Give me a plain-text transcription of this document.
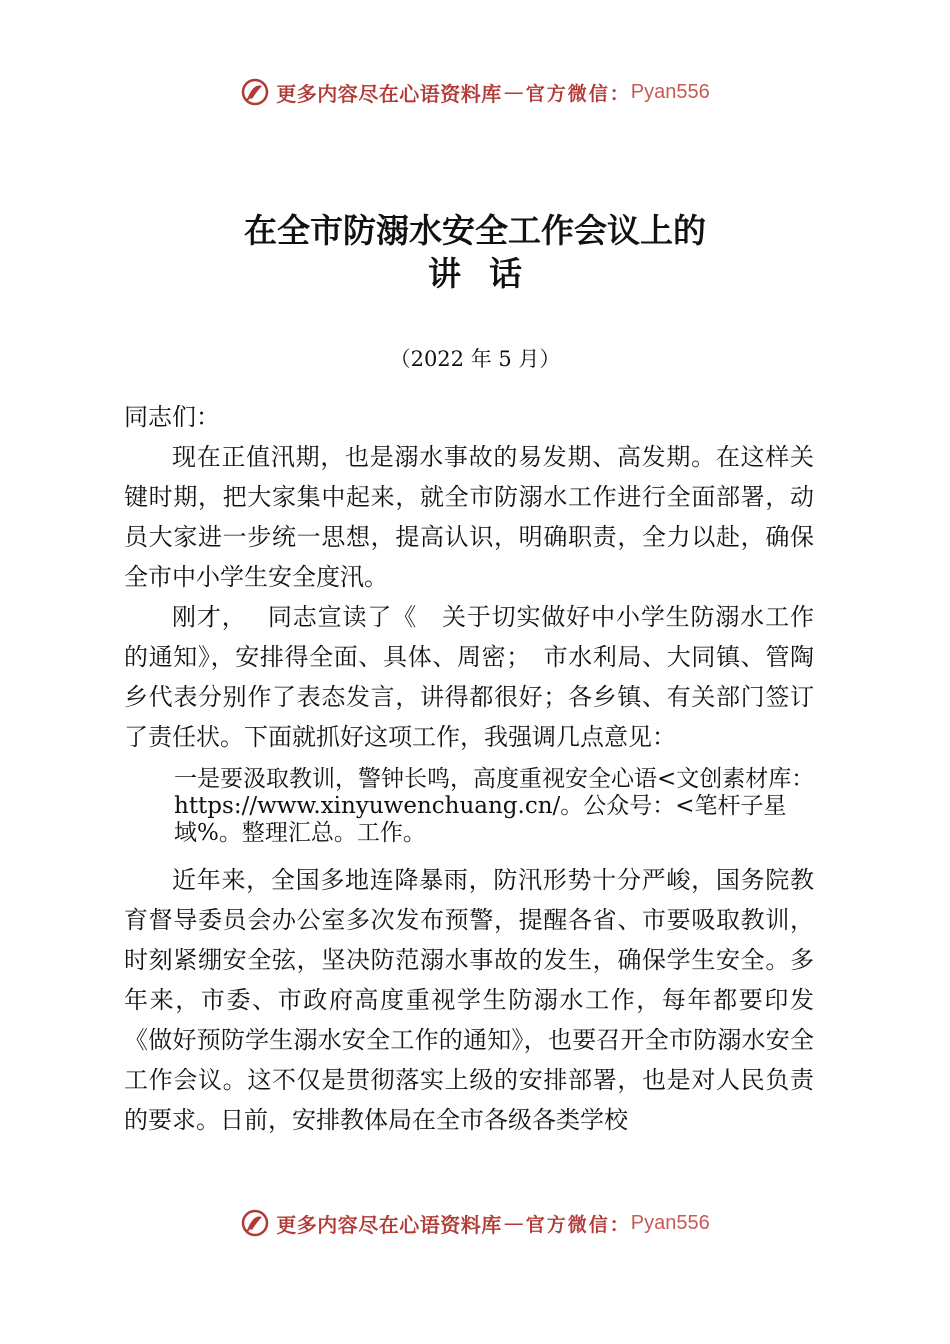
更多内容尽在心语资料库 — 官方微信： Pyan556
在全市防溺水安全工作会议上的
讲话
（2022 年 5 月）
同志们：

现在正值汛期，也是溺水事故的易发期、高发期。在这样关键时期，把大家集中起来，就全市防溺水工作进行全面部署，动员大家进一步统一思想，提高认识，明确职责，全力以赴，确保全市中小学生安全度汛。

刚才，　 同志宣读了《　关于切实做好中小学生防溺水工作的通知》，安排得全面、具体、周密；　市水利局、大同镇、管陶乡代表分别作了表态发言，讲得都很好；各乡镇、有关部门签订了责任状。下面就抓好这项工作，我强调几点意见：

一是要汲取教训，警钟长鸣，高度重视安全心语<文创素材库：https://www.xinyuwenchuang.cn/。公众号：<笔杆子星域%。整理汇总。工作。

近年来，全国多地连降暴雨，防汛形势十分严峻，国务院教育督导委员会办公室多次发布预警，提醒各省、市要吸取教训，时刻紧绷安全弦，坚决防范溺水事故的发生，确保学生安全。多年来，市委、市政府高度重视学生防溺水工作，每年都要印发《做好预防学生溺水安全工作的通知》，也要召开全市防溺水安全工作会议。这不仅是贯彻落实上级的安排部署，也是对人民负责的要求。日前，安排教体局在全市各级各类学校

更多内容尽在心语资料库 — 官方微信： Pyan556
